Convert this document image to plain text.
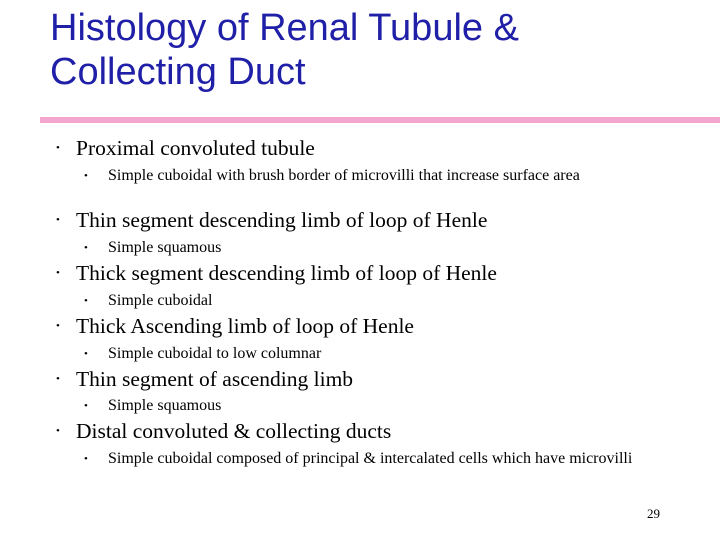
Histology of Renal Tubule & Collecting Duct
• Proximal convoluted tubule
• Simple cuboidal with brush border of microvilli that increase surface area
• Thin segment descending limb of loop of Henle
• Simple squamous
• Thick segment descending limb of loop of Henle
• Simple cuboidal
• Thick Ascending limb of loop of Henle
• Simple cuboidal to low columnar
• Thin segment of ascending limb
• Simple squamous
• Distal convoluted & collecting ducts
• Simple cuboidal composed of principal & intercalated cells which have microvilli
29
